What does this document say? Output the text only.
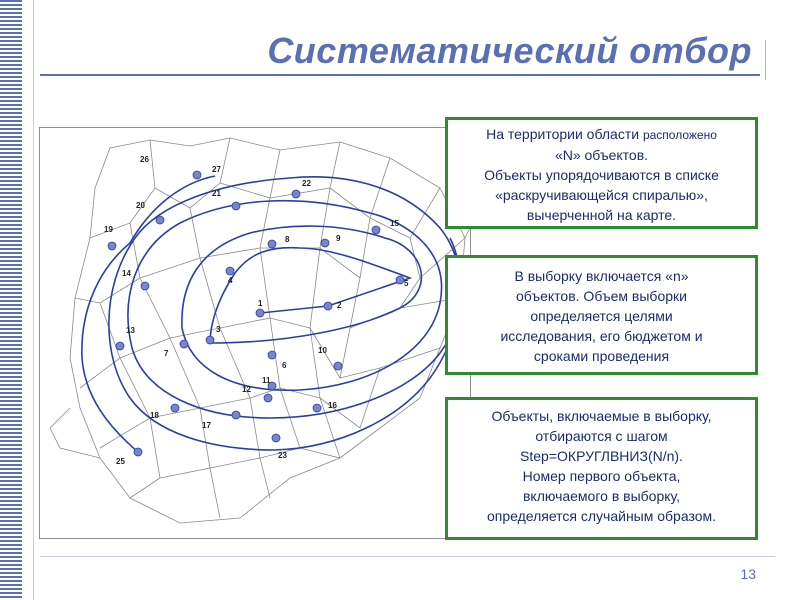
Систематический отбор
1	2
3
4	5
6
7
8	9
10
11
12
13
14
15
16
17
18
19
20
21
22
23
25
26
27
На территории области расположено
«N» объектов.
Объекты упорядочиваются в списке
«раскручивающейся спиралью»,
вычерченной на карте.
В выборку включается «n»
объектов. Объем выборки
определяется целями
исследования, его бюджетом и
сроками проведения
Объекты, включаемые в выборку,
отбираются с шагом
Step=ОКРУГЛВНИЗ(N/n).
Номер первого объекта,
включаемого в выборку,
определяется случайным образом.
13
